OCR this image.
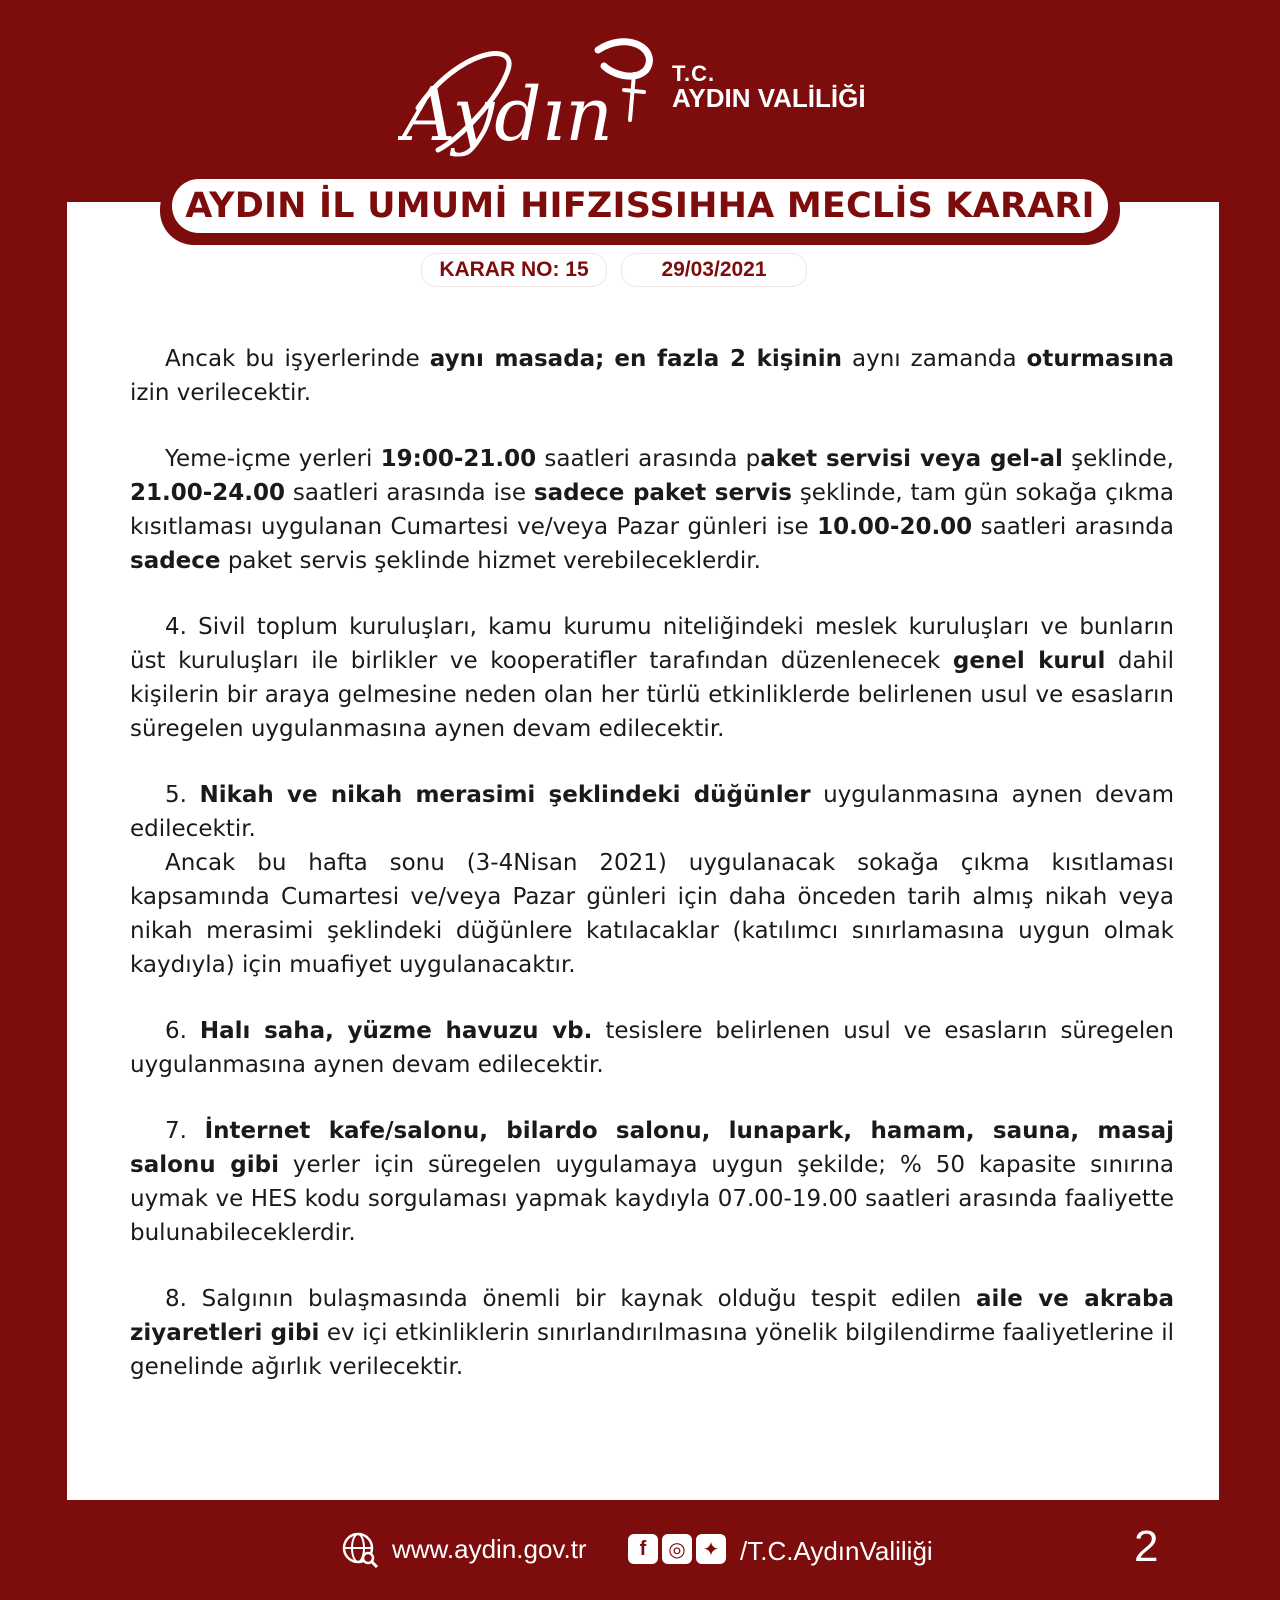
Aydın	T.C.
AYDIN VALİLİĞİ
AYDIN İL UMUMİ HIFZISSIHHA MECLİS KARARI
KARAR NO: 15	29/03/2021

Ancak bu işyerlerinde aynı masada; en fazla 2 kişinin aynı zamanda oturmasına izin verilecektir.

Yeme-içme yerleri 19:00-21.00 saatleri arasında paket servisi veya gel-al şeklinde, 21.00-24.00 saatleri arasında ise sadece paket servis şeklinde, tam gün sokağa çıkma kısıtlaması uygulanan Cumartesi ve/veya Pazar günleri ise 10.00-20.00 saatleri arasında sadece paket servis şeklinde hizmet verebileceklerdir.

4. Sivil toplum kuruluşları, kamu kurumu niteliğindeki meslek kuruluşları ve bunların üst kuruluşları ile birlikler ve kooperatifler tarafından düzenlenecek genel kurul dahil kişilerin bir araya gelmesine neden olan her türlü etkinliklerde belirlenen usul ve esasların süregelen uygulanmasına aynen devam edilecektir.

5. Nikah ve nikah merasimi şeklindeki düğünler uygulanmasına aynen devam edilecektir.

Ancak bu hafta sonu (3-4Nisan 2021) uygulanacak sokağa çıkma kısıtlaması kapsamında Cumartesi ve/veya Pazar günleri için daha önceden tarih almış nikah veya nikah merasimi şeklindeki düğünlere katılacaklar (katılımcı sınırlamasına uygun olmak kaydıyla) için muafiyet uygulanacaktır.

6. Halı saha, yüzme havuzu vb. tesislere belirlenen usul ve esasların süregelen uygulanmasına aynen devam edilecektir.

7. İnternet kafe/salonu, bilardo salonu, lunapark, hamam, sauna, masaj salonu gibi yerler için süregelen uygulamaya uygun şekilde; % 50 kapasite sınırına uymak ve HES kodu sorgulaması yapmak kaydıyla 07.00-19.00 saatleri arasında faaliyette bulunabileceklerdir.

8. Salgının bulaşmasında önemli bir kaynak olduğu tespit edilen aile ve akraba ziyaretleri gibi ev içi etkinliklerin sınırlandırılmasına yönelik bilgilendirme faaliyetlerine il genelinde ağırlık verilecektir.

www.aydin.gov.tr	f	◎ ✦ /T.C.AydınValiliği	2
